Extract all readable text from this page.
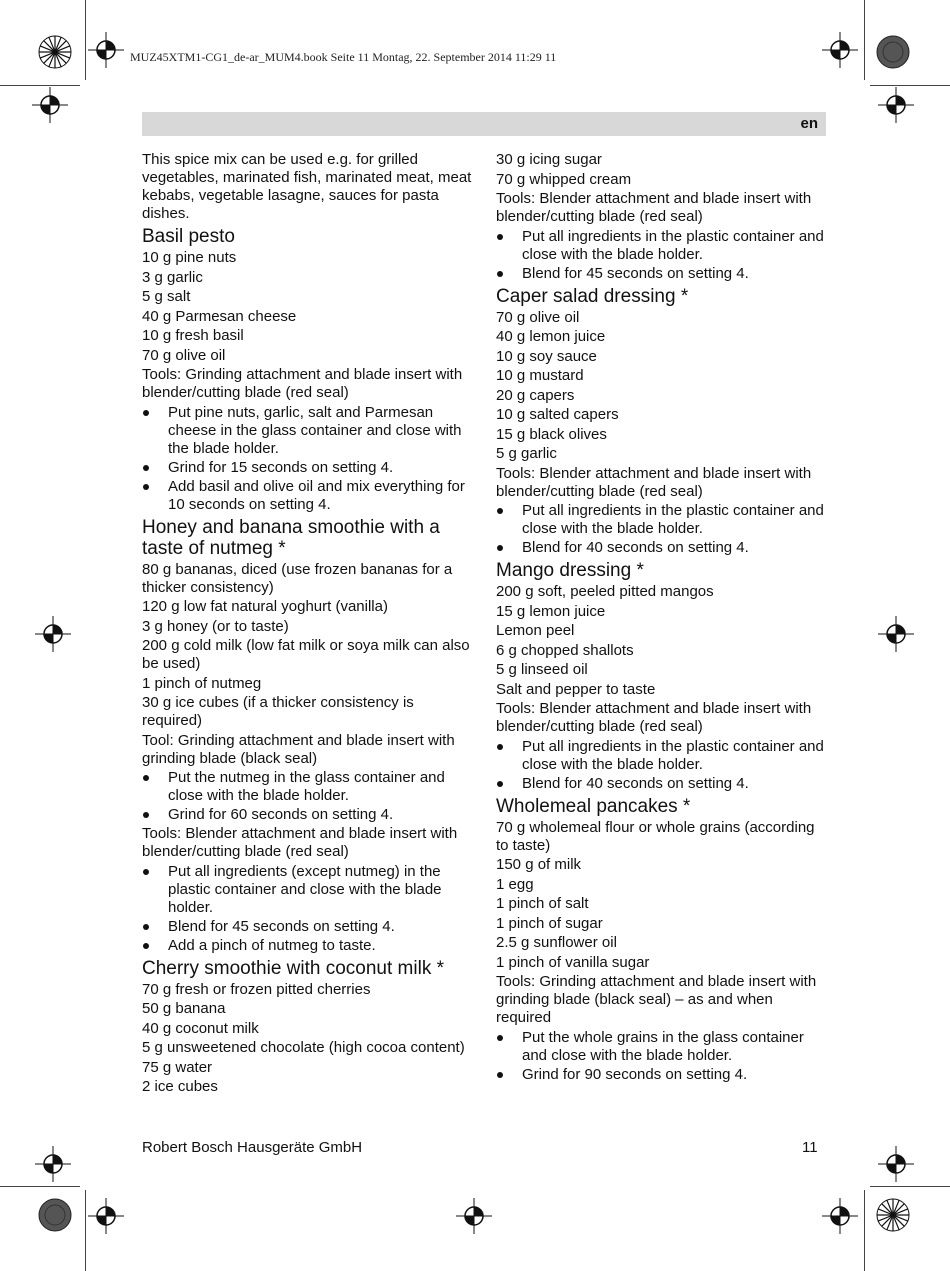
MUZ45XTM1-CG1_de-ar_MUM4.book Seite 11 Montag, 22. September 2014 11:29 11
en

This spice mix can be used e.g. for grilled vegetables, marinated fish, marinated meat, meat kebabs, vegetable lasagne, sauces for pasta dishes.

Basil pesto

10 g pine nuts

3 g garlic

5 g salt

40 g Parmesan cheese

10 g fresh basil

70 g olive oil

Tools: Grinding attachment and blade insert with blender/cutting blade (red seal)

Put pine nuts, garlic, salt and Parmesan cheese in the glass container and close with the blade holder.
Grind for 15 seconds on setting 4.
Add basil and olive oil and mix everything for 10 seconds on setting 4.
Honey and banana smoothie with a taste of nutmeg *

80 g bananas, diced (use frozen bananas for a thicker consistency)

120 g low fat natural yoghurt (vanilla)

3 g honey (or to taste)

200 g cold milk (low fat milk or soya milk can also be used)

1 pinch of nutmeg

30 g ice cubes (if a thicker consistency is required)

Tool: Grinding attachment and blade insert with grinding blade (black seal)

Put the nutmeg in the glass container and close with the blade holder.
Grind for 60 seconds on setting 4.

Tools: Blender attachment and blade insert with blender/cutting blade (red seal)

Put all ingredients (except nutmeg) in the plastic container and close with the blade holder.
Blend for 45 seconds on setting 4.
Add a pinch of nutmeg to taste.
Cherry smoothie with coconut milk *

70 g fresh or frozen pitted cherries

50 g banana

40 g coconut milk

5 g unsweetened chocolate (high cocoa content)

75 g water

2 ice cubes

30 g icing sugar

70 g whipped cream

Tools: Blender attachment and blade insert with blender/cutting blade (red seal)

Put all ingredients in the plastic container and close with the blade holder.
Blend for 45 seconds on setting 4.
Caper salad dressing *

70 g olive oil

40 g lemon juice

10 g soy sauce

10 g mustard

20 g capers

10 g salted capers

15 g black olives

5 g garlic

Tools: Blender attachment and blade insert with blender/cutting blade (red seal)

Put all ingredients in the plastic container and close with the blade holder.
Blend for 40 seconds on setting 4.
Mango dressing *

200 g soft, peeled pitted mangos

15 g lemon juice

Lemon peel

6 g chopped shallots

5 g linseed oil

Salt and pepper to taste

Tools: Blender attachment and blade insert with blender/cutting blade (red seal)

Put all ingredients in the plastic container and close with the blade holder.
Blend for 40 seconds on setting 4.
Wholemeal pancakes *

70 g wholemeal flour or whole grains (according to taste)

150 g of milk

1 egg

1 pinch of salt

1 pinch of sugar

2.5 g sunflower oil

1 pinch of vanilla sugar

Tools: Grinding attachment and blade insert with grinding blade (black seal) – as and when required

Put the whole grains in the glass container and close with the blade holder.
Grind for 90 seconds on setting 4.
Robert Bosch Hausgeräte GmbH	11
